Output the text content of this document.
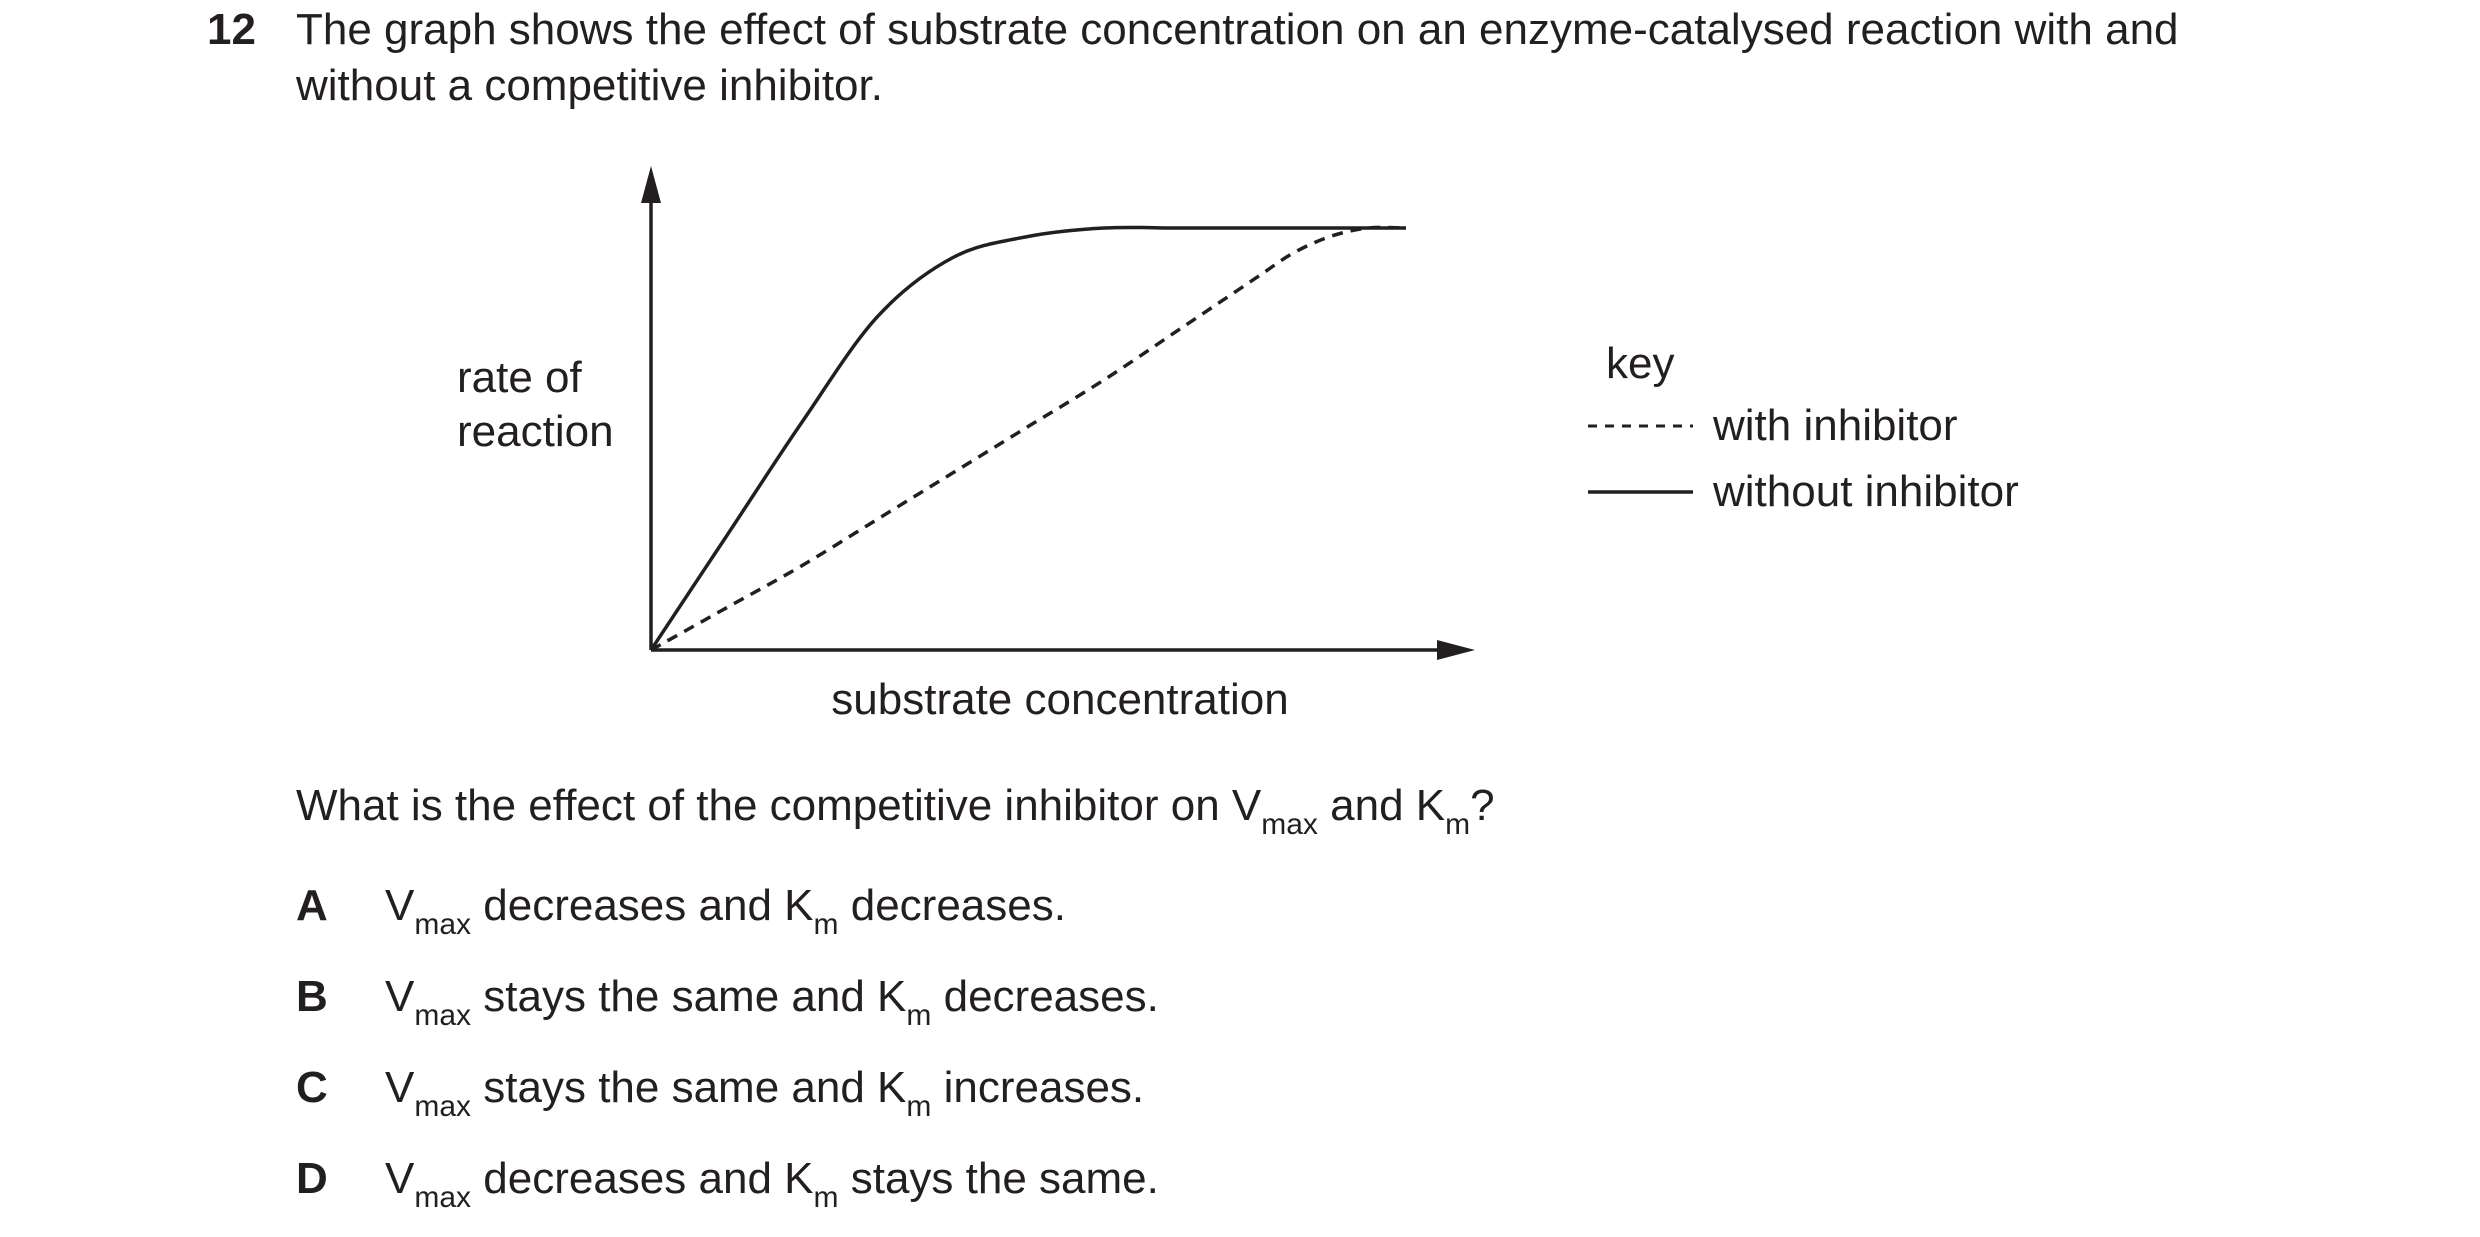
12 The graph shows the effect of substrate concentration on an enzyme-catalysed reaction with and
without a competitive inhibitor.
rate of
reaction
substrate concentration
key
with inhibitor
without inhibitor
What is the effect of the competitive inhibitor on $V_{max}$ and $K_m$?
A $V_{max}$ decreases and $K_m$ decreases.
B $V_{max}$ stays the same and $K_m$ decreases.
C $V_{max}$ stays the same and $K_m$ increases.
D $V_{max}$ decreases and $K_m$ stays the same.
